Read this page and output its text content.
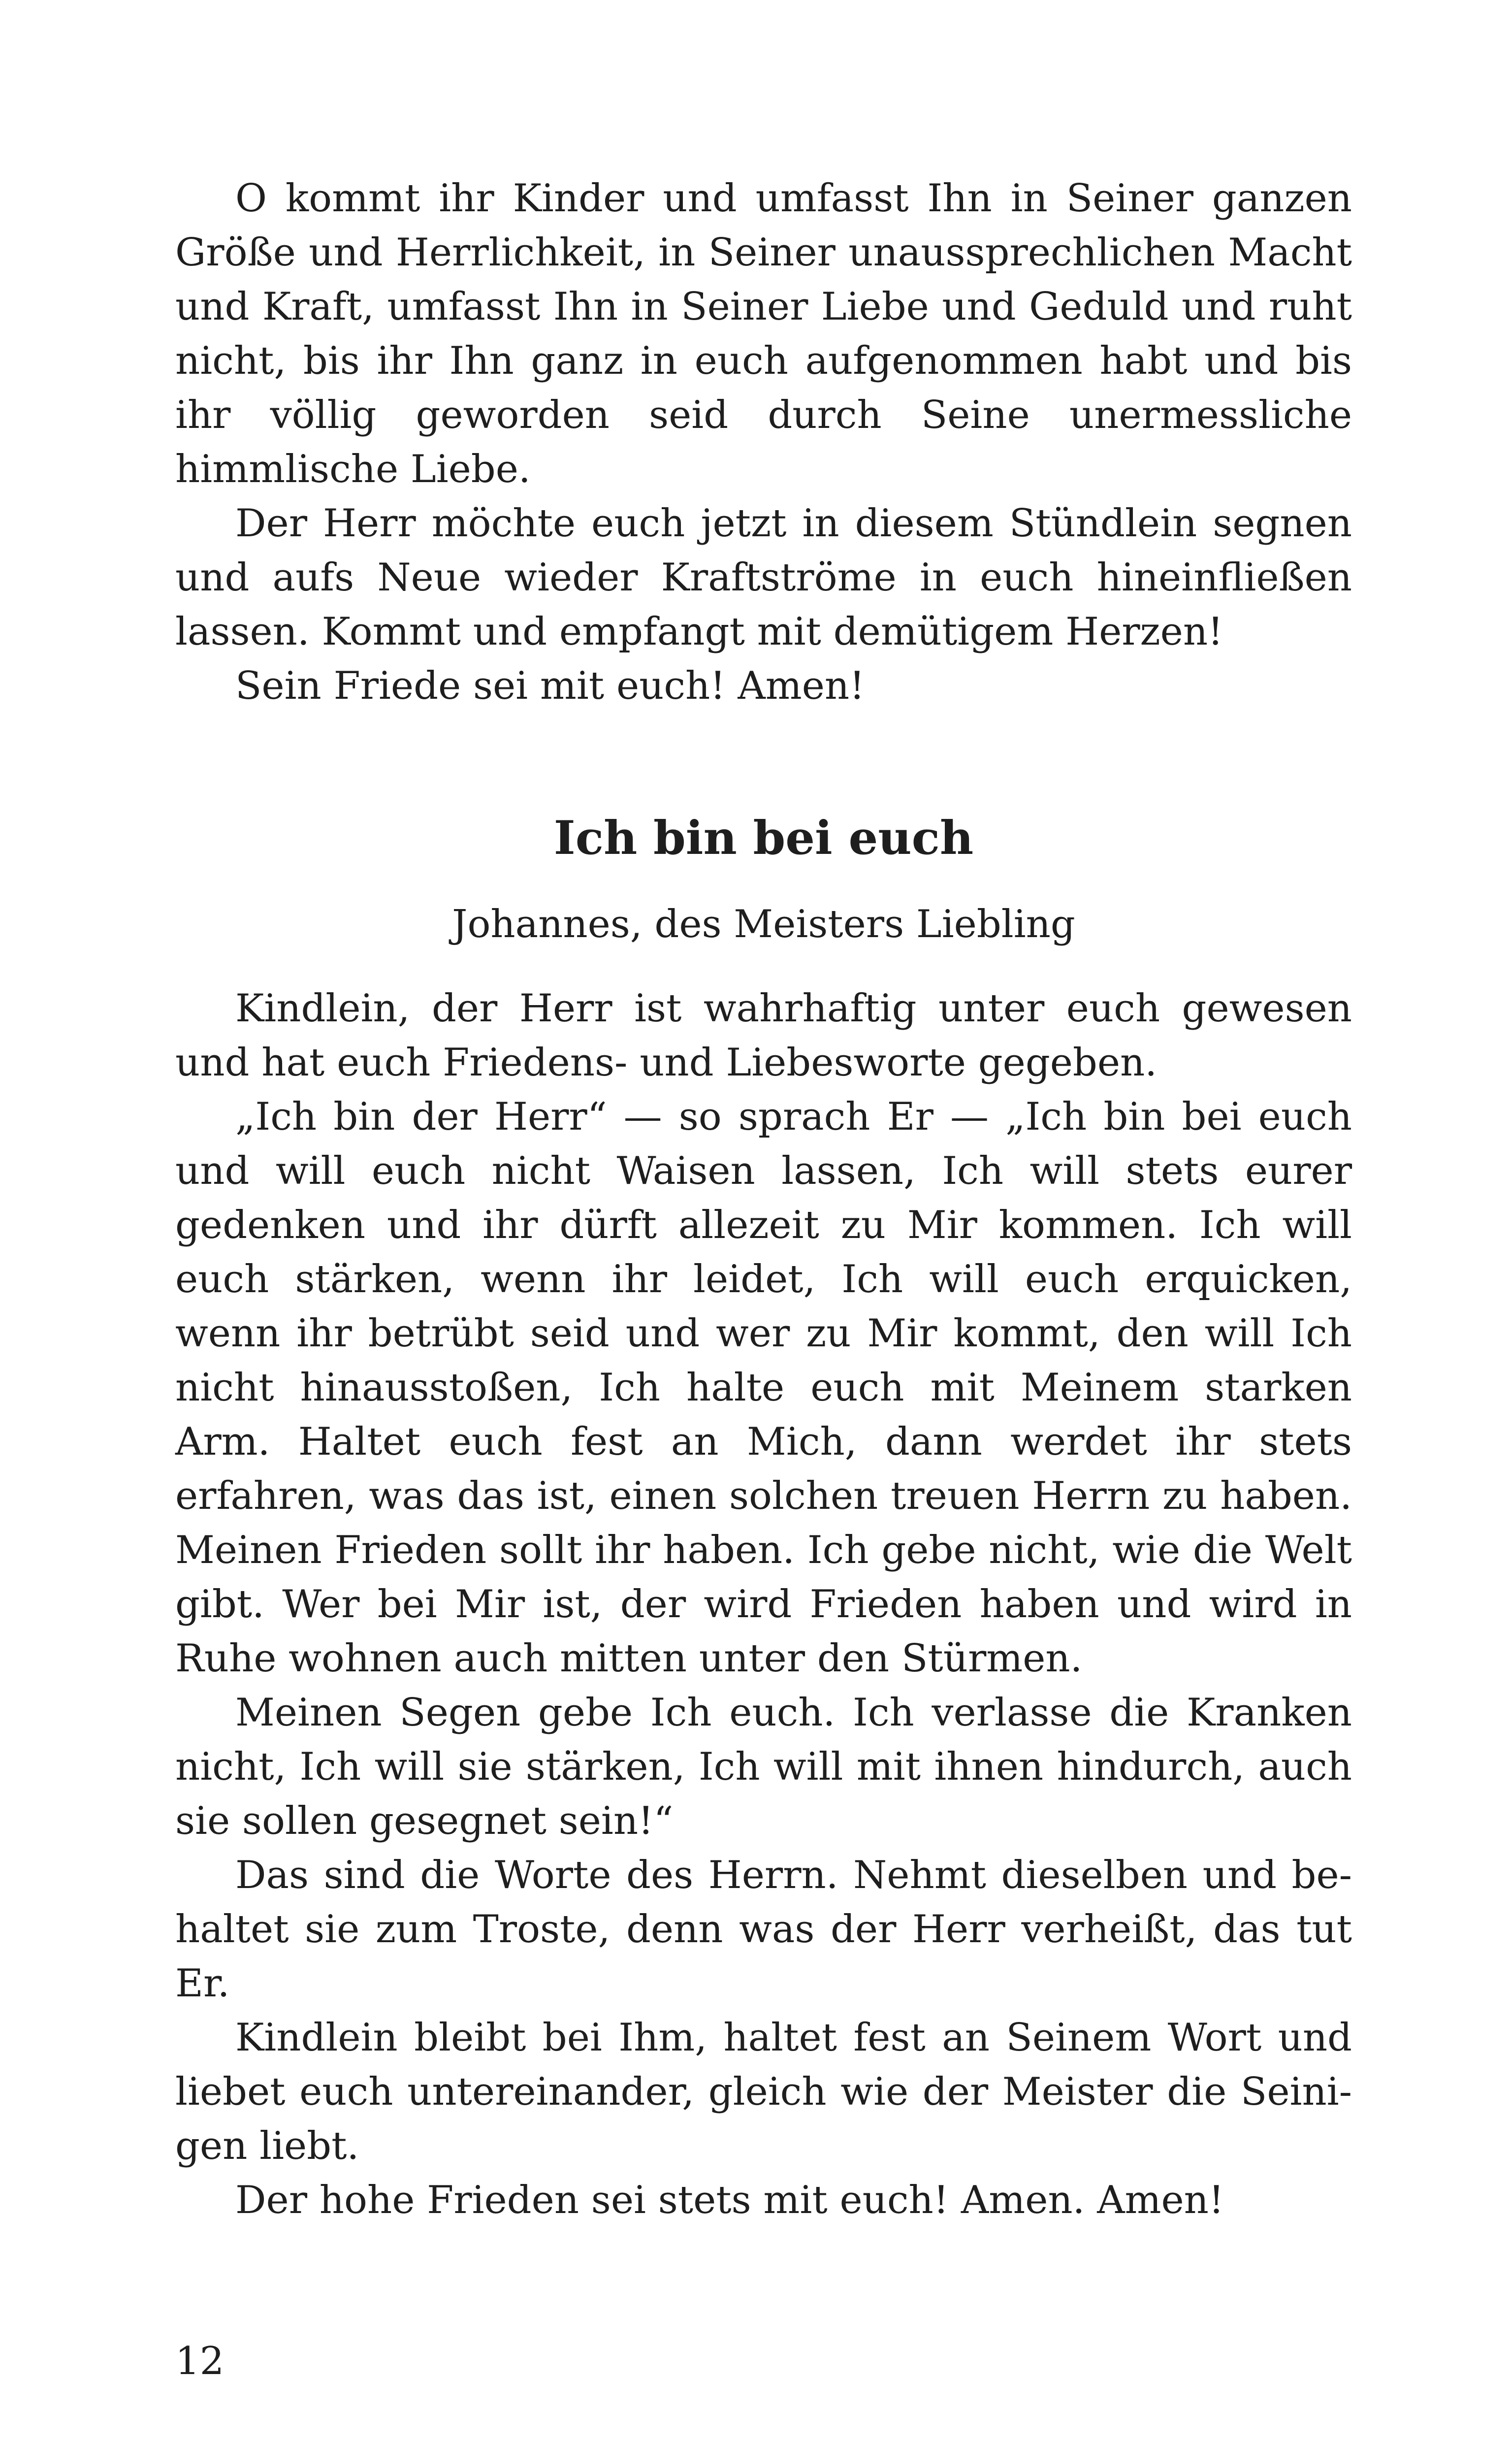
O kommt ihr Kinder und umfasst Ihn in Seiner ganzen Größe und Herrlichkeit, in Seiner unaussprechlichen Macht und Kraft, umfasst Ihn in Seiner Liebe und Geduld und ruht nicht, bis ihr Ihn ganz in euch aufgenommen habt und bis ihr völlig geworden seid durch Seine unermessliche himmlische Liebe.

Der Herr möchte euch jetzt in diesem Stündlein segnen und aufs Neue wieder Kraftströme in euch hineinfließen lassen. Kommt und empfangt mit demütigem Herzen!

Sein Friede sei mit euch! Amen!

Ich bin bei euch
Johannes, des Meisters Liebling

Kindlein, der Herr ist wahrhaftig unter euch gewesen und hat euch Friedens- und Liebesworte gegeben.

„Ich bin der Herr“ — so sprach Er — „Ich bin bei euch und will euch nicht Waisen lassen, Ich will stets eurer gedenken und ihr dürft allezeit zu Mir kommen. Ich will euch stärken, wenn ihr leidet, Ich will euch erquicken, wenn ihr betrübt seid und wer zu Mir kommt, den will Ich nicht hinausstoßen, Ich halte euch mit Meinem starken Arm. Haltet euch fest an Mich, dann werdet ihr stets erfahren, was das ist, einen solchen treuen Herrn zu haben. Meinen Frieden sollt ihr haben. Ich gebe nicht, wie die Welt gibt. Wer bei Mir ist, der wird Frieden haben und wird in Ruhe wohnen auch mitten unter den Stürmen.

Meinen Segen gebe Ich euch. Ich verlasse die Kranken nicht, Ich will sie stärken, Ich will mit ihnen hindurch, auch sie sollen gesegnet sein!“

Das sind die Worte des Herrn. Nehmt dieselben und behaltet sie zum Troste, denn was der Herr verheißt, das tut Er.

Kindlein bleibt bei Ihm, haltet fest an Seinem Wort und liebet euch untereinander, gleich wie der Meister die Seinigen liebt.

Der hohe Frieden sei stets mit euch! Amen. Amen!

12
